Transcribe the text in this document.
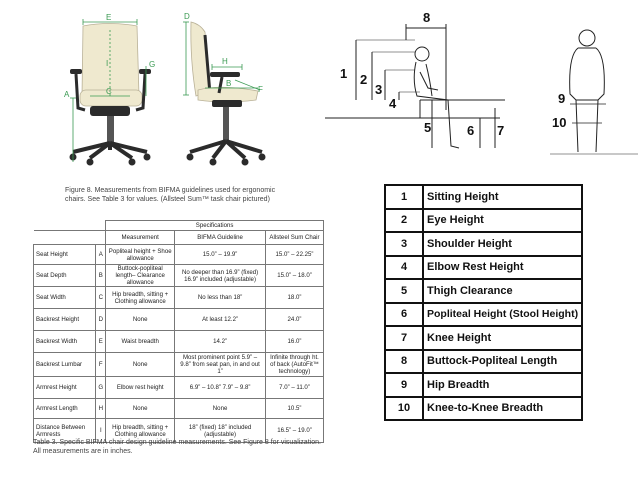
E
A
G
C
I
D
H
B
F
Figure 8. Measurements from BIFMA guidelines used for ergonomic
chairs. See Table 3 for values. (Allsteel Sum™ task chair pictured)
8
1 2
3
4
5	6 7
9
10
		Specifications		
		Measurement	BIFMA Guideline	Allsteel Sum Chair
Seat Height	A	Popliteal height + Shoe allowance	15.0” – 19.9”	15.0” – 22.25”
Seat Depth	B	Buttock-popliteal length– Clearance allowance	No deeper than 16.9” (fixed) 16.9” included (adjustable)	15.0” – 18.0”
Seat Width	C	Hip breadth, sitting + Clothing allowance	No less than 18”	18.0”
Backrest Height	D	None	At least 12.2”	24.0”
Backrest Width	E	Waist breadth	14.2”	16.0”
Backrest Lumbar	F	None	Most prominent point 5.9” – 9.8” from seat pan, in and out 1”	Infinite through ht. of back (AutoFit™ technology)
Armrest Height	G	Elbow rest height	6.9” – 10.8” 7.9” – 9.8”	7.0” – 11.0”
Armrest Length	H	None	None	10.5”
Distance Between Armrests	I	Hip breadth, sitting + Clothing allowance	18” (fixed) 18” included (adjustable)	16.5” – 19.0”
Table 3. Specific BIFMA chair design guideline measurements. See Figure 8 for visualization.
All measurements are in inches.
1	Sitting Height
2	Eye Height
3	Shoulder Height
4	Elbow Rest Height
5	Thigh Clearance
6	Popliteal Height (Stool Height)
7	Knee Height
8	Buttock-Popliteal Length
9	Hip Breadth
10	Knee-to-Knee Breadth
